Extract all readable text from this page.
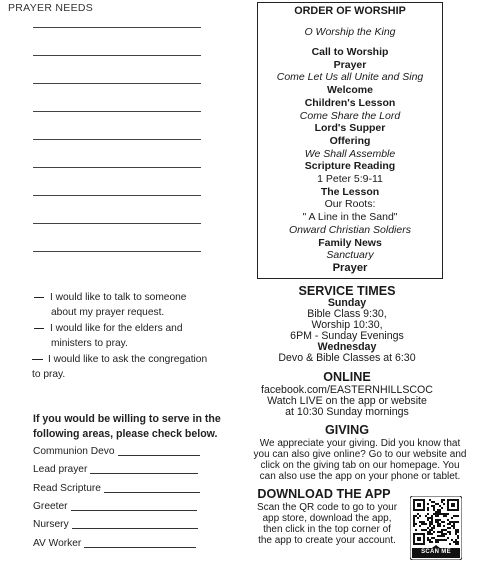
PRAYER NEEDS
I would like to talk to someone
about my prayer request.
I would like for the elders and
ministers to pray.
I would like to ask the congregation
to pray.
If you would be willing to serve in the following areas, please check below.
Communion Devo
Lead prayer
Read Scripture
Greeter
Nursery
AV Worker
ORDER OF WORSHIP
O Worship the King
Call to Worship
Prayer
Come Let Us all Unite and Sing
Welcome
Children's Lesson
Come Share the Lord
Lord's Supper
Offering
We Shall Assemble
Scripture Reading
1 Peter 5:9-11
The Lesson
Our Roots:
" A Line in the Sand"
Onward Christian Soldiers
Family News
Sanctuary
Prayer
SERVICE TIMES
Sunday
Bible Class 9:30,
Worship 10:30,
6PM - Sunday Evenings
Wednesday
Devo & Bible Classes at 6:30
ONLINE
facebook.com/EASTERNHILLSCOC
Watch LIVE on the app or website
at 10:30 Sunday mornings
GIVING
We appreciate your giving. Did you know that
you can also give online? Go to our website and
click on the giving tab on our homepage. You
can also use the app on your phone or tablet.
DOWNLOAD THE APP
Scan the QR code to go to your
app store, download the app,
then click in the top corner of
the app to create your account.
SCAN ME
